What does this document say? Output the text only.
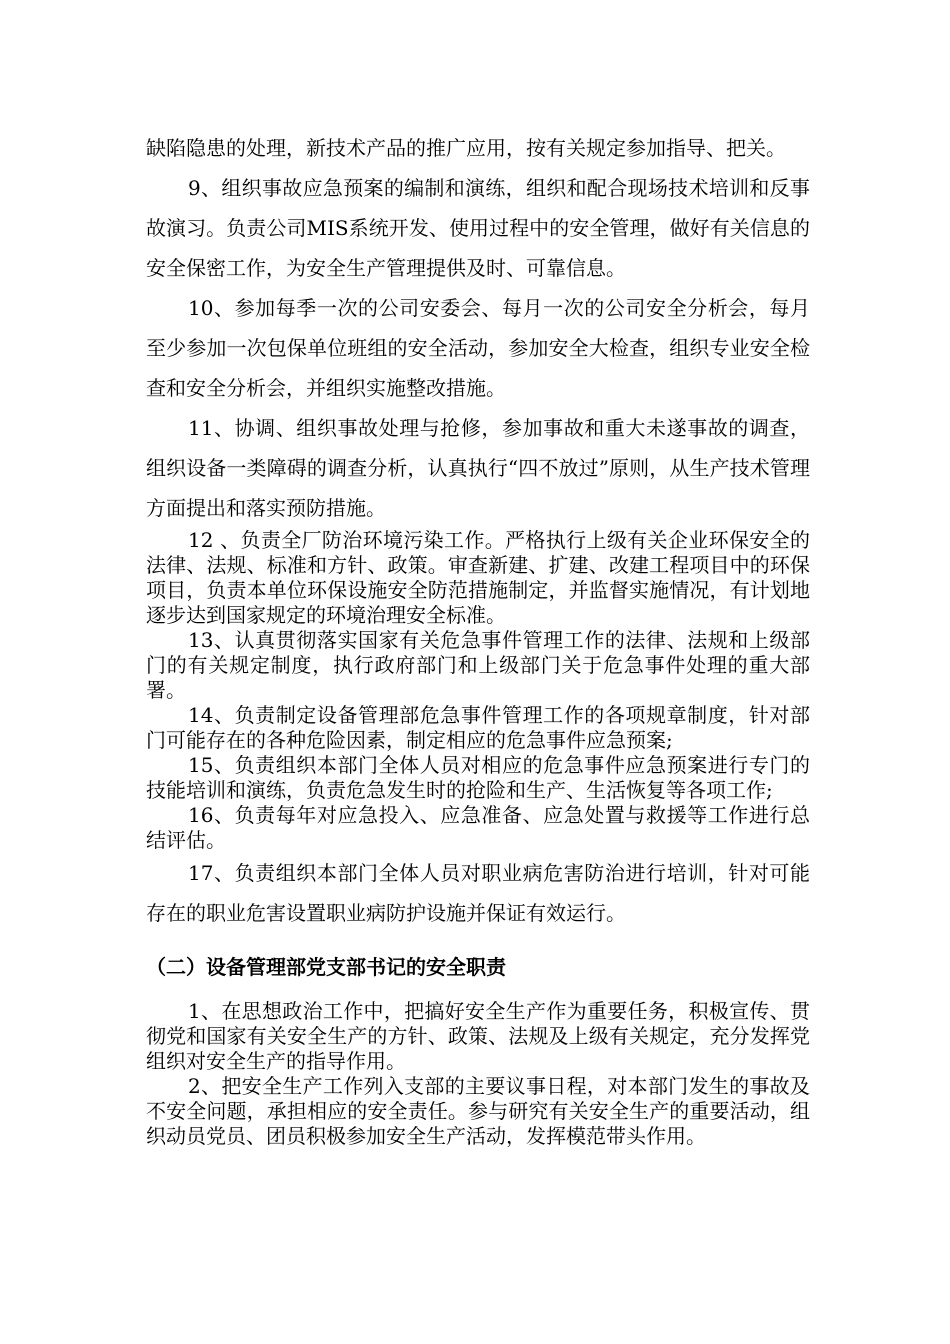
缺陷隐患的处理，新技术产品的推广应用，按有关规定参加指导、把关。

9、组织事故应急预案的编制和演练，组织和配合现场技术培训和反事故演习。负责公司MIS系统开发、使用过程中的安全管理，做好有关信息的安全保密工作，为安全生产管理提供及时、可靠信息。

10、参加每季一次的公司安委会、每月一次的公司安全分析会，每月至少参加一次包保单位班组的安全活动，参加安全大检查，组织专业安全检查和安全分析会，并组织实施整改措施。

11、协调、组织事故处理与抢修，参加事故和重大未遂事故的调查，组织设备一类障碍的调查分析，认真执行“四不放过”原则，从生产技术管理方面提出和落实预防措施。

12 、负责全厂防治环境污染工作。严格执行上级有关企业环保安全的法律、法规、标准和方针、政策。审查新建、扩建、改建工程项目中的环保项目，负责本单位环保设施安全防范措施制定，并监督实施情况，有计划地逐步达到国家规定的环境治理安全标准。

13、认真贯彻落实国家有关危急事件管理工作的法律、法规和上级部门的有关规定制度，执行政府部门和上级部门关于危急事件处理的重大部署。

14、负责制定设备管理部危急事件管理工作的各项规章制度，针对部门可能存在的各种危险因素，制定相应的危急事件应急预案;

15、负责组织本部门全体人员对相应的危急事件应急预案进行专门的技能培训和演练，负责危急发生时的抢险和生产、生活恢复等各项工作;

16、负责每年对应急投入、应急准备、应急处置与救援等工作进行总结评估。

17、负责组织本部门全体人员对职业病危害防治进行培训，针对可能存在的职业危害设置职业病防护设施并保证有效运行。

（二）设备管理部党支部书记的安全职责

1、在思想政治工作中，把搞好安全生产作为重要任务，积极宣传、贯彻党和国家有关安全生产的方针、政策、法规及上级有关规定，充分发挥党组织对安全生产的指导作用。

2、把安全生产工作列入支部的主要议事日程，对本部门发生的事故及不安全问题，承担相应的安全责任。参与研究有关安全生产的重要活动，组织动员党员、团员积极参加安全生产活动，发挥模范带头作用。
